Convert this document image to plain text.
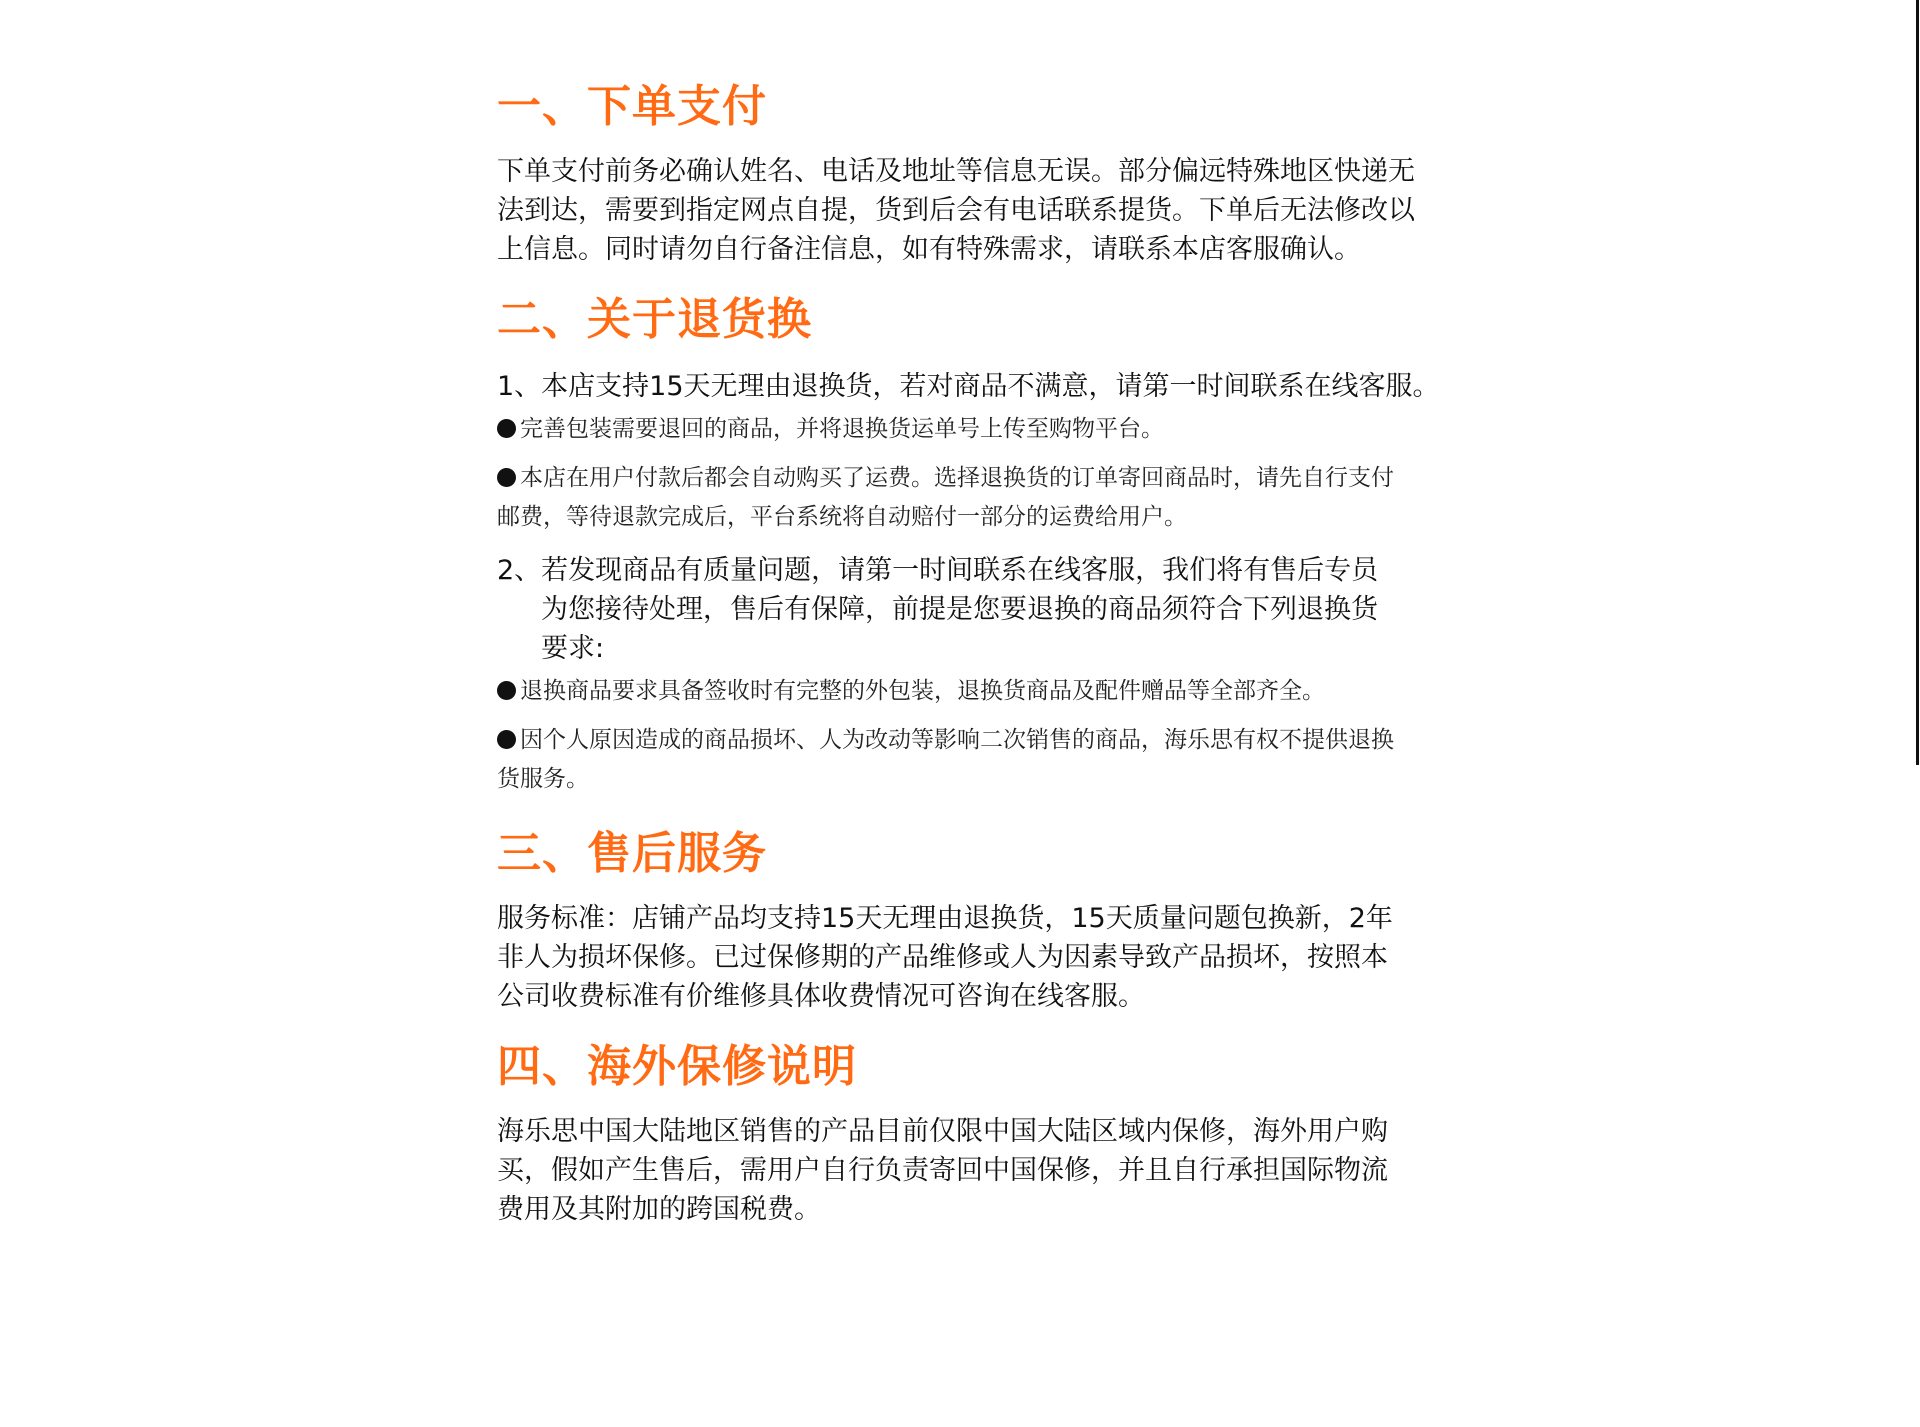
一、下单支付

下单支付前务必确认姓名、电话及地址等信息无误。部分偏远特殊地区快递无法到达，需要到指定网点自提，货到后会有电话联系提货。下单后无法修改以上信息。同时请勿自行备注信息，如有特殊需求，请联系本店客服确认。

二、关于退货换

1、本店支持15天无理由退换货，若对商品不满意，请第一时间联系在线客服。

完善包装需要退回的商品，并将退换货运单号上传至购物平台。

本店在用户付款后都会自动购买了运费。选择退换货的订单寄回商品时，请先自行支付邮费，等待退款完成后，平台系统将自动赔付一部分的运费给用户。

2、若发现商品有质量问题，请第一时间联系在线客服，我们将有售后专员为您接待处理，售后有保障，前提是您要退换的商品须符合下列退换货要求:

退换商品要求具备签收时有完整的外包装，退换货商品及配件赠品等全部齐全。

因个人原因造成的商品损坏、人为改动等影响二次销售的商品，海乐思有权不提供退换货服务。

三、售后服务

服务标准：店铺产品均支持15天无理由退换货，15天质量问题包换新，2年非人为损坏保修。已过保修期的产品维修或人为因素导致产品损坏，按照本公司收费标准有价维修具体收费情况可咨询在线客服。

四、海外保修说明

海乐思中国大陆地区销售的产品目前仅限中国大陆区域内保修，海外用户购买，假如产生售后，需用户自行负责寄回中国保修，并且自行承担国际物流费用及其附加的跨国税费。
